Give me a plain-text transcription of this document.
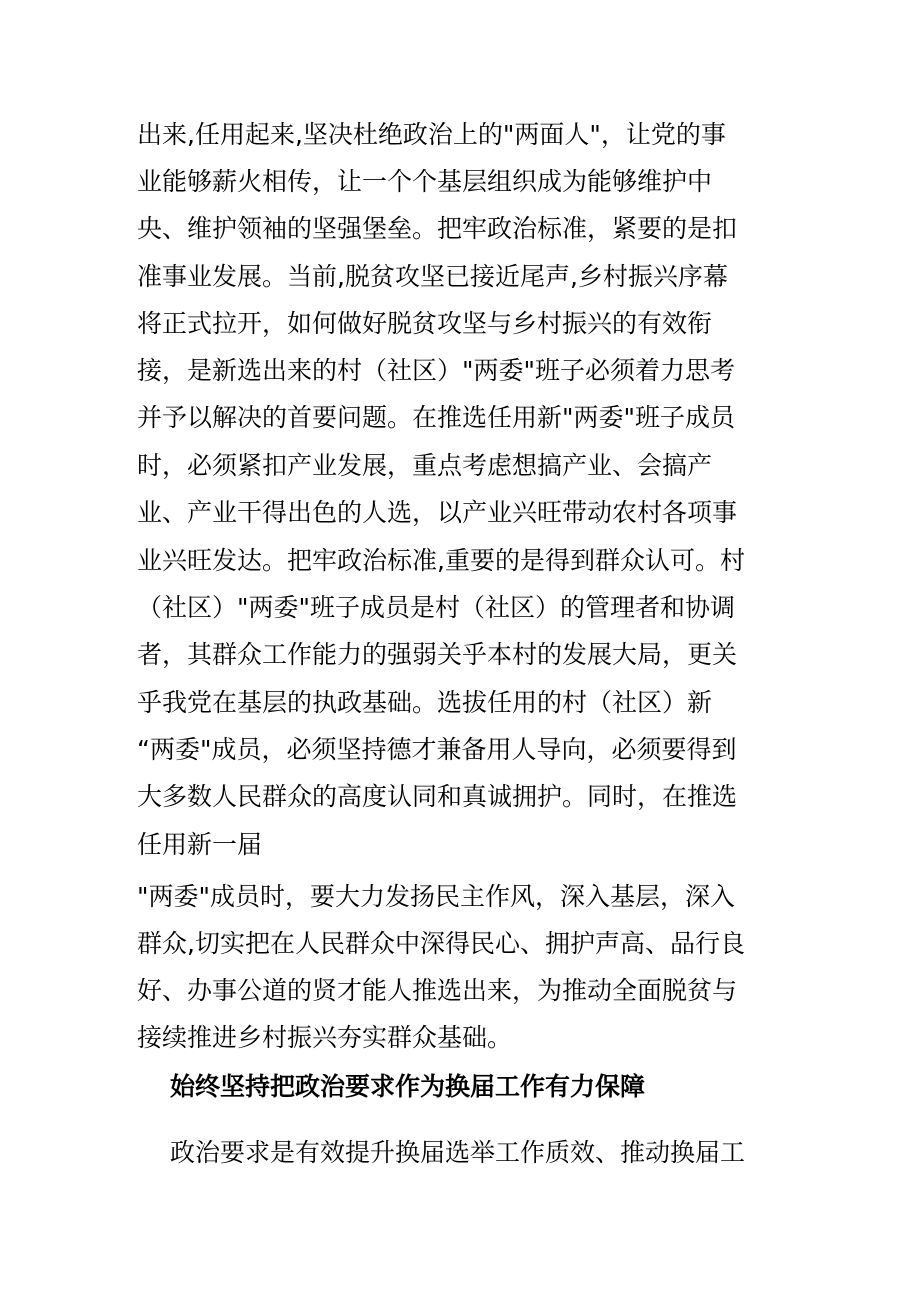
出来,任用起来,坚决杜绝政治上的"两面人"，让党的事
业能够薪火相传，让一个个基层组织成为能够维护中
央、维护领袖的坚强堡垒。把牢政治标准，紧要的是扣
准事业发展。当前,脱贫攻坚已接近尾声,乡村振兴序幕
将正式拉开，如何做好脱贫攻坚与乡村振兴的有效衔
接，是新选出来的村（社区）"两委"班子必须着力思考
并予以解决的首要问题。在推选任用新"两委"班子成员
时，必须紧扣产业发展，重点考虑想搞产业、会搞产
业、产业干得出色的人选，以产业兴旺带动农村各项事
业兴旺发达。把牢政治标准,重要的是得到群众认可。村
（社区）"两委"班子成员是村（社区）的管理者和协调
者，其群众工作能力的强弱关乎本村的发展大局，更关
乎我党在基层的执政基础。选拔任用的村（社区）新
“两委"成员，必须坚持德才兼备用人导向，必须要得到
大多数人民群众的高度认同和真诚拥护。同时，在推选
任用新一届
"两委"成员时，要大力发扬民主作风，深入基层，深入
群众,切实把在人民群众中深得民心、拥护声高、品行良
好、办事公道的贤才能人推选出来，为推动全面脱贫与
接续推进乡村振兴夯实群众基础。
始终坚持把政治要求作为换届工作有力保障
政治要求是有效提升换届选举工作质效、推动换届工
